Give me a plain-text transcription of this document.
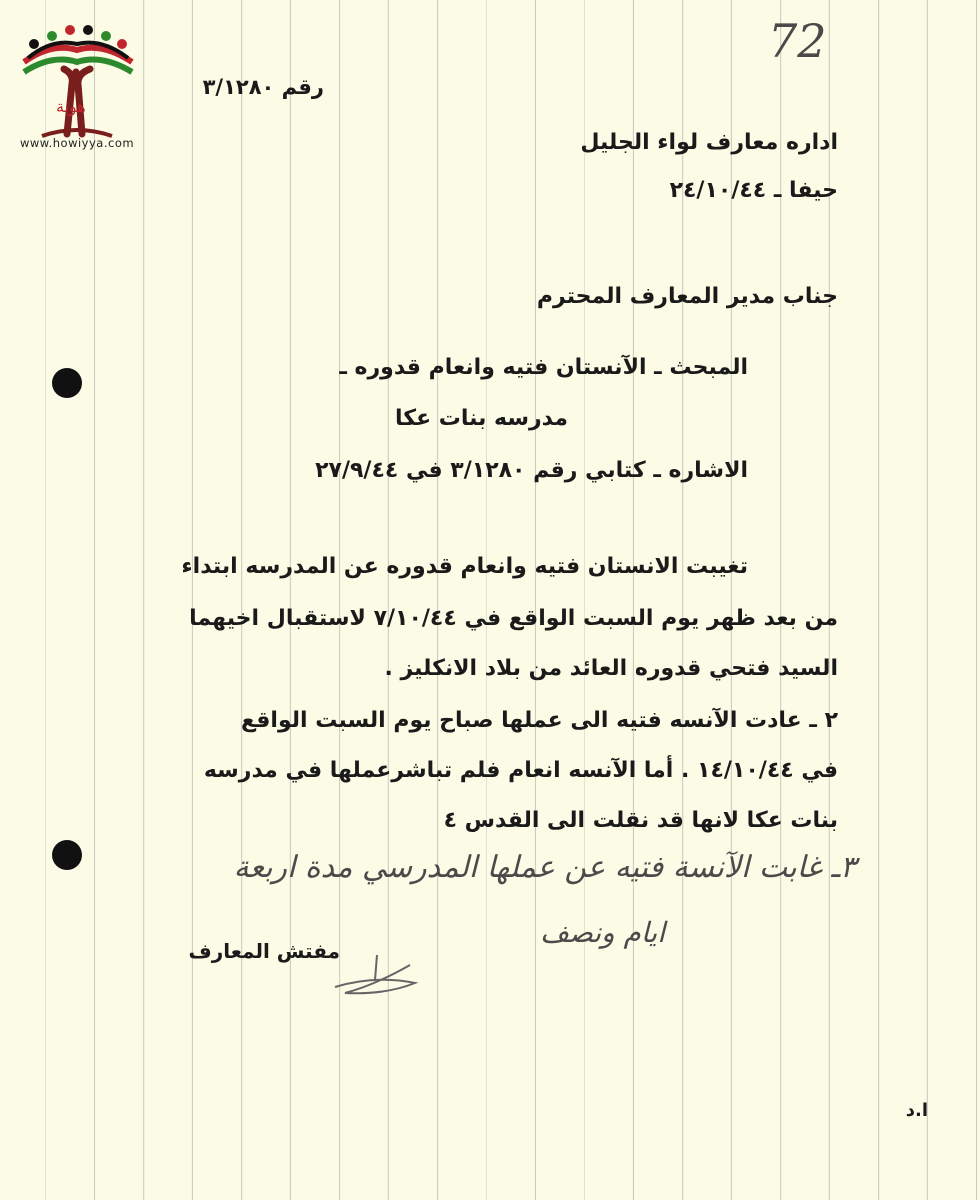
هوية
www.howiyya.com
72
رقم ۳/۱۲۸۰
اداره معارف لواء الجليل
حيفا ـ ۲٤/۱۰/٤٤
جناب مدير المعارف المحترم
المبحث ـ الآنستان فتيه وانعام قدوره ـ
مدرسه بنات عكا
الاشاره ـ كتابي رقم ۳/۱۲۸۰ في ۲۷/۹/٤٤
تغيبت الانستان فتيه وانعام قدوره عن المدرسه ابتداء
من بعد ظهر يوم السبت الواقع في ۷/۱۰/٤٤ لاستقبال اخيهما
السيد فتحي قدوره العائد من بلاد الانكليز .
۲ ـ عادت الآنسه فتيه الى عملها صباح يوم السبت الواقع
في ۱٤/۱۰/٤٤ . أما الآنسه انعام فلم تباشرعملها في مدرسه
بنات عكا لانها قد نقلت الى القدس ٤
۳ـ غابت الآنسة فتيه عن عملها المدرسي مدة اربعة
ايام ونصف
مفتش المعارف
ا.د
